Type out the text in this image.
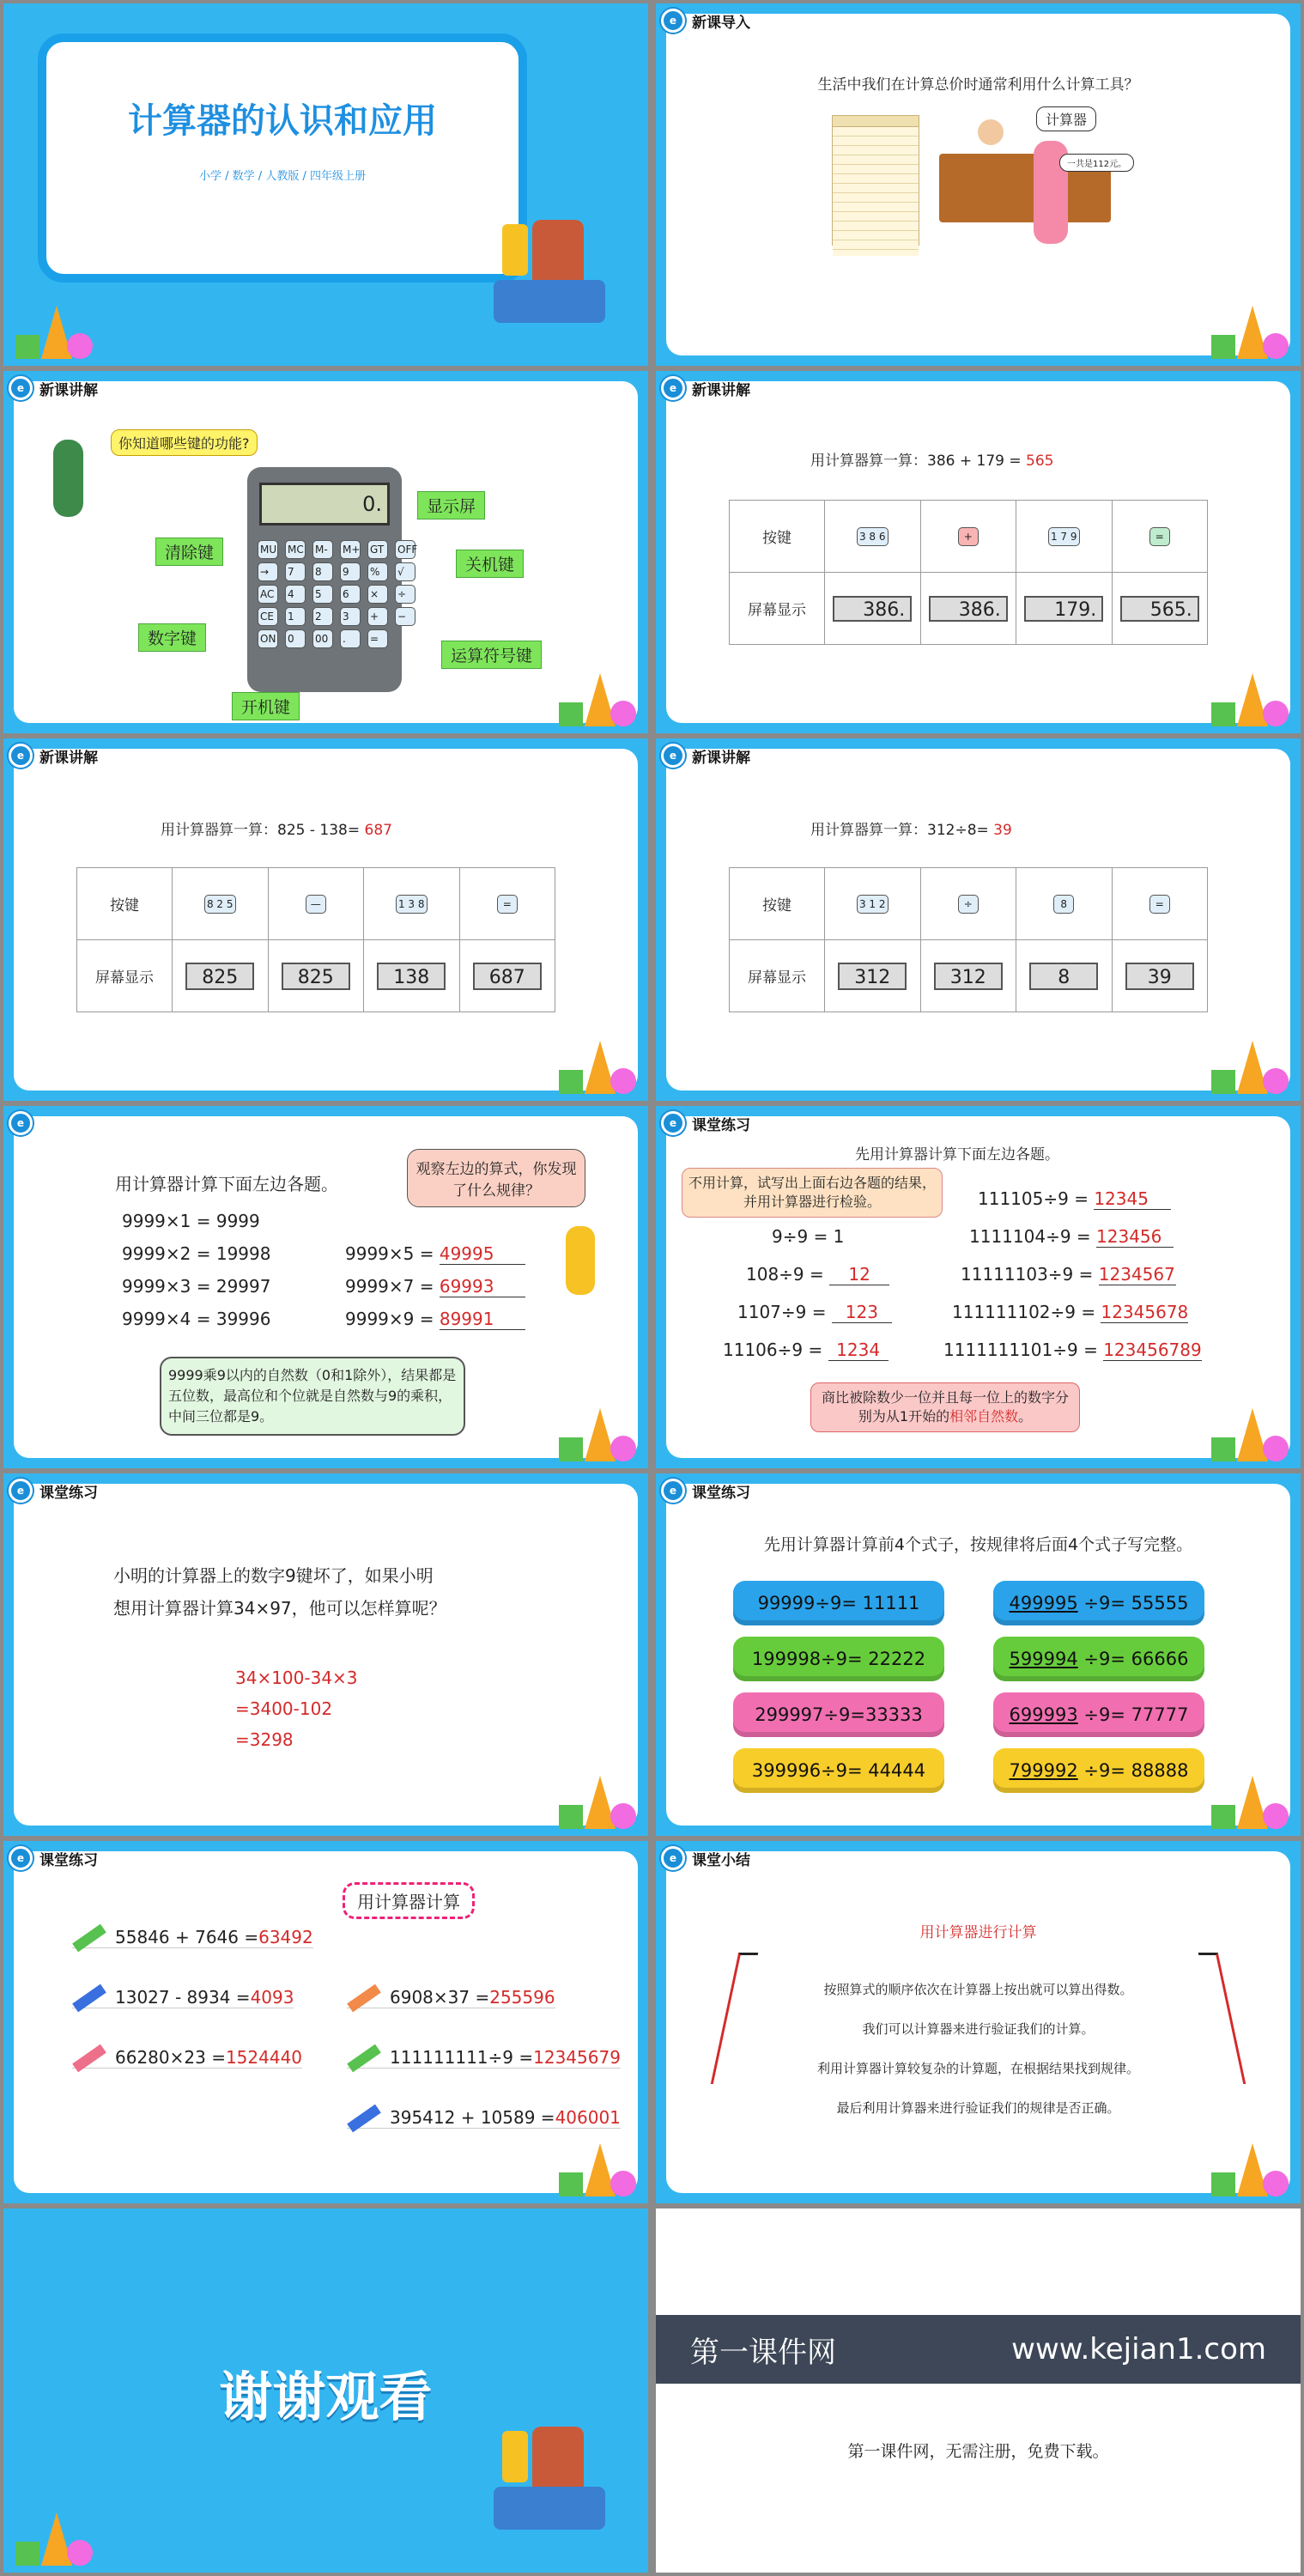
计算器的认识和应用
小学 / 数学 / 人教版 / 四年级上册
e	新课导入
生活中我们在计算总价时通常利用什么计算工具？
计算器
一共是112元。
e	新课讲解
你知道哪些键的功能?
0.
MU MC M-	M+ GT	OFF
→	7	8	9	%	√
AC	4	5	6	×	÷
CE	1	2	3	+	−
ON 0	00	.	=
显示屏
清除键
关机键
数字键
运算符号键
开机键
e	新课讲解
用计算器算一算：386 + 179 = 565
按键	3 8 6	+	1 7 9	=
屏幕显示	386.	386.	179.	565.
e	新课讲解
用计算器算一算：825 - 138= 687
按键	8 2 5	—	1 3 8	=
屏幕显示	825	825	138	687
e	新课讲解
用计算器算一算：312÷8= 39
按键	3 1 2	÷	8	=
屏幕显示	312	312	8	39
e
用计算器计算下面左边各题。
9999×1 = 9999
9999×2 = 19998
9999×3 = 29997
9999×4 = 39996
9999×5 = 49995
9999×7 = 69993
9999×9 = 89991
观察左边的算式，你发现了什么规律？
9999乘9以内的自然数（0和1除外），结果都是五位数，最高位和个位就是自然数与9的乘积，中间三位都是9。
e	课堂练习
先用计算器计算下面左边各题。
不用计算，试写出上面右边各题的结果，并用计算器进行检验。
9÷9 = 1
108÷9 = 12
1107÷9 = 123
11106÷9 = 1234
111105÷9 = 12345
1111104÷9 = 123456
11111103÷9 = 1234567
111111102÷9 = 12345678
1111111101÷9 = 123456789
商比被除数少一位并且每一位上的数字分别为从1开始的相邻自然数。
e	课堂练习
小明的计算器上的数字9键坏了，如果小明
想用计算器计算34×97，他可以怎样算呢？
34×100-34×3
=3400-102
=3298
e	课堂练习
先用计算器计算前4个式子，按规律将后面4个式子写完整。
99999÷9= 11111
199998÷9= 22222
299997÷9=33333
399996÷9= 44444
499995 ÷9= 55555
599994 ÷9= 66666
699993 ÷9= 77777
799992 ÷9= 88888
e	课堂练习
用计算器计算
55846 + 7646 =63492
13027 - 8934 =4093
66280×23 =1524440
6908×37 =255596
111111111÷9 =12345679
395412 + 10589 =406001
e	课堂小结
用计算器进行计算
按照算式的顺序依次在计算器上按出就可以算出得数。
我们可以计算器来进行验证我们的计算。
利用计算器计算较复杂的计算题，在根据结果找到规律。
最后利用计算器来进行验证我们的规律是否正确。
谢谢观看
第一课件网	www.kejian1.com
第一课件网，无需注册，免费下载。
